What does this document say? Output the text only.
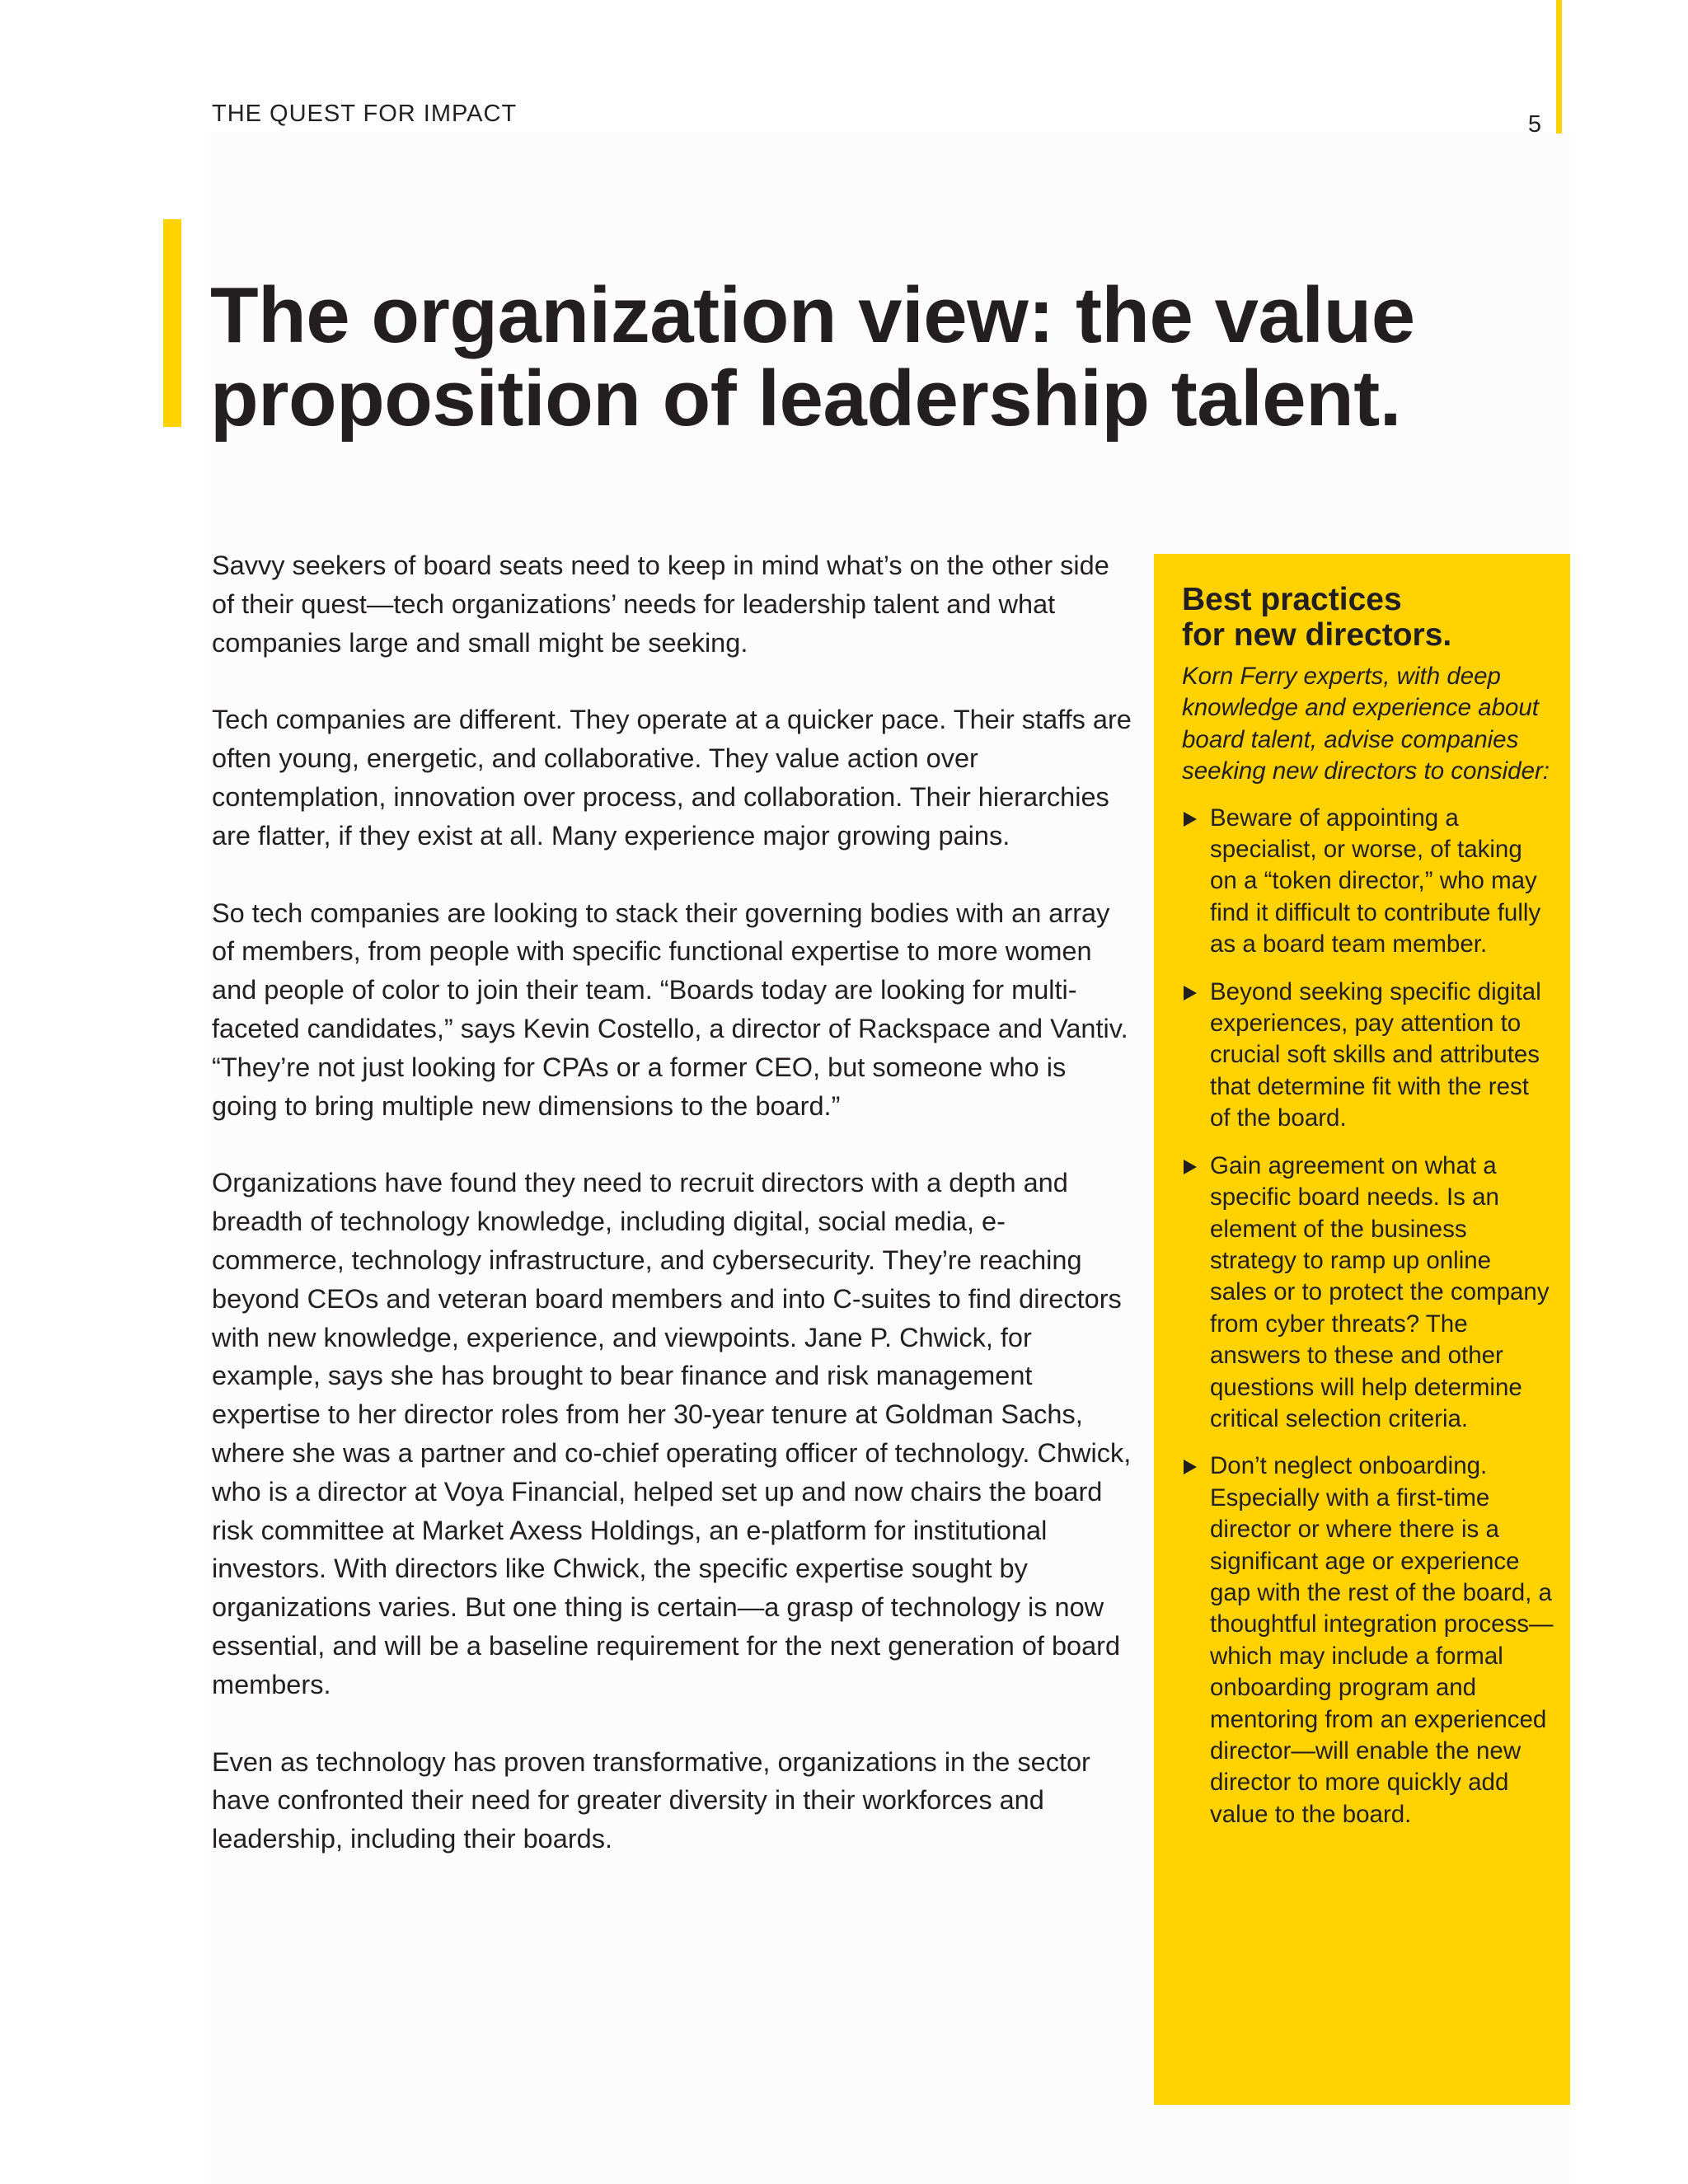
THE QUEST FOR IMPACT	5
The organization view: the value proposition of leadership talent.

Savvy seekers of board seats need to keep in mind what’s on the other side of their quest—tech organizations’ needs for leadership talent and what companies large and small might be seeking.

Tech companies are different. They operate at a quicker pace. Their staffs are often young, energetic, and collaborative. They value action over contemplation, innovation over process, and collaboration. Their hierarchies are flatter, if they exist at all. Many experience major growing pains.

So tech companies are looking to stack their governing bodies with an array of members, from people with specific functional expertise to more women and people of color to join their team. “Boards today are looking for multi-faceted candidates,” says Kevin Costello, a director of Rackspace and Vantiv. “They’re not just looking for CPAs or a former CEO, but someone who is going to bring multiple new dimensions to the board.”

Organizations have found they need to recruit directors with a depth and breadth of technology knowledge, including digital, social media, e-commerce, technology infrastructure, and cybersecurity. They’re reaching beyond CEOs and veteran board members and into C-suites to find directors with new knowledge, experience, and viewpoints. Jane P. Chwick, for example, says she has brought to bear finance and risk management expertise to her director roles from her 30-year tenure at Goldman Sachs, where she was a partner and co-chief operating officer of technology. Chwick, who is a director at Voya Financial, helped set up and now chairs the board risk committee at Market Axess Holdings, an e-platform for institutional investors. With directors like Chwick, the specific expertise sought by organizations varies. But one thing is certain—a grasp of technology is now essential, and will be a baseline requirement for the next generation of board members.

Even as technology has proven transformative, organizations in the sector have confronted their need for greater diversity in their workforces and leadership, including their boards.

Best practices
for new directors.

Korn Ferry experts, with deep knowledge and experience about board talent, advise companies seeking new directors to consider:

Beware of appointing a specialist, or worse, of taking on a “token director,” who may find it difficult to contribute fully as a board team member.
Beyond seeking specific digital experiences, pay attention to crucial soft skills and attributes that determine fit with the rest of the board.
Gain agreement on what a specific board needs. Is an element of the business strategy to ramp up online sales or to protect the company from cyber threats? The answers to these and other questions will help determine critical selection criteria.
Don’t neglect onboarding. Especially with a first-time director or where there is a significant age or experience gap with the rest of the board, a thoughtful integration process— which may include a formal onboarding program and mentoring from an experienced director—will enable the new director to more quickly add value to the board.
